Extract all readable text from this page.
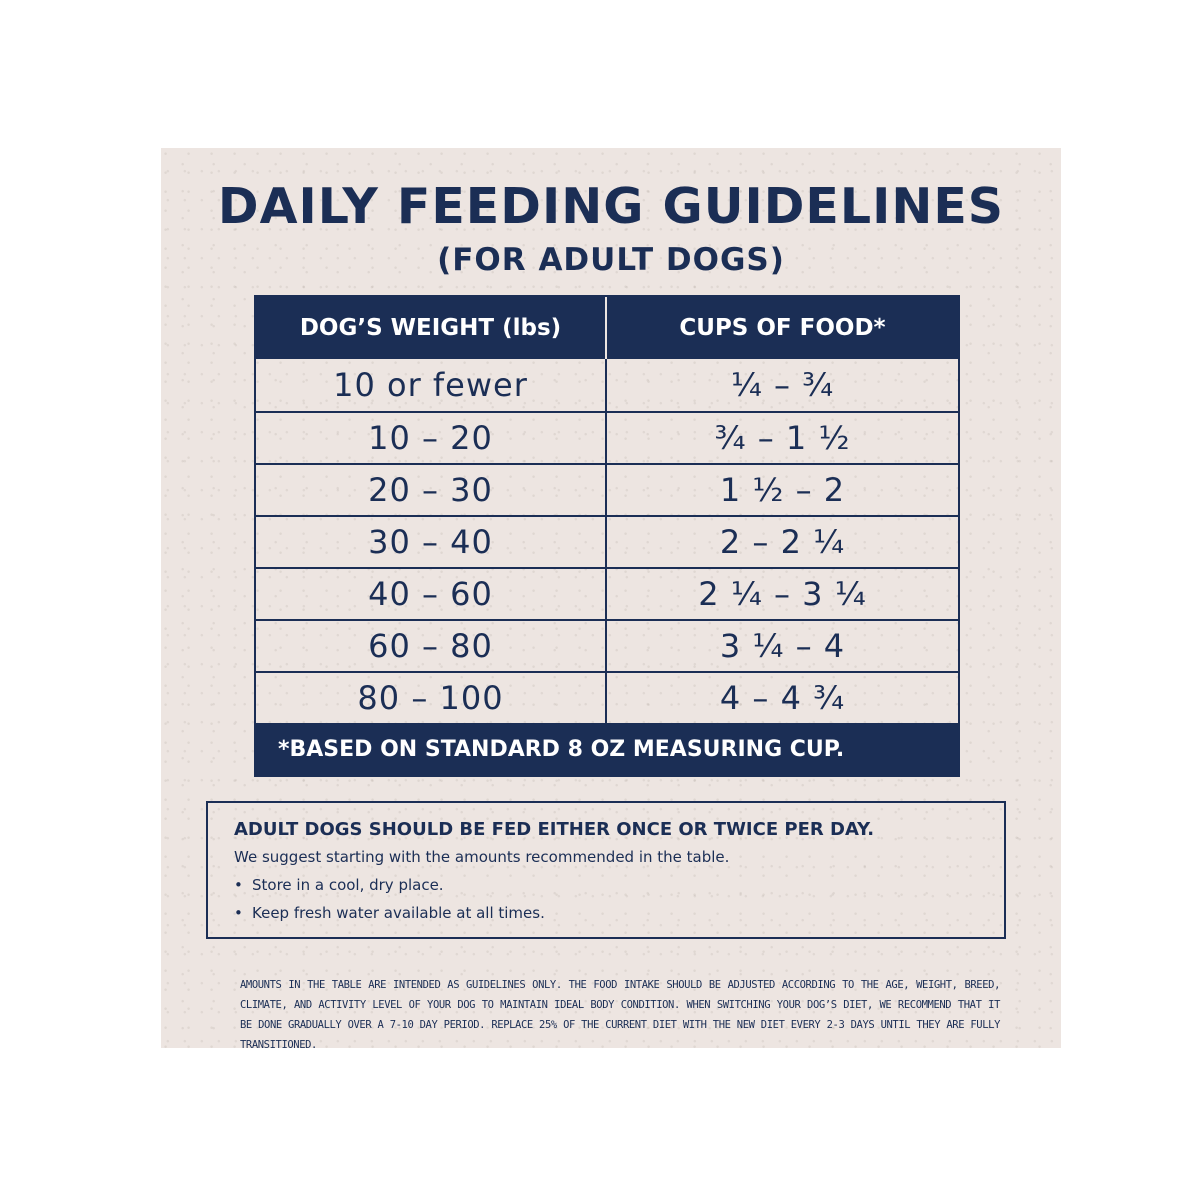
DAILY FEEDING GUIDELINES
(FOR ADULT DOGS)
DOG’S WEIGHT (lbs)	CUPS OF FOOD*
10 or fewer	¼ – ¾
10 – 20	¾ – 1 ½
20 – 30	1 ½ – 2
30 – 40	2 – 2 ¼
40 – 60	2 ¼ – 3 ¼
60 – 80	3 ¼ – 4
80 – 100	4 – 4 ¾
*BASED ON STANDARD 8 OZ MEASURING CUP.
ADULT DOGS SHOULD BE FED EITHER ONCE OR TWICE PER DAY.
We suggest starting with the amounts recommended in the table.
• Store in a cool, dry place.
• Keep fresh water available at all times.

AMOUNTS IN THE TABLE ARE INTENDED AS GUIDELINES ONLY. THE FOOD INTAKE SHOULD BE ADJUSTED ACCORDING TO THE AGE, WEIGHT, BREED, CLIMATE, AND ACTIVITY LEVEL OF YOUR DOG TO MAINTAIN IDEAL BODY CONDITION. WHEN SWITCHING YOUR DOG’S DIET, WE RECOMMEND THAT IT BE DONE GRADUALLY OVER A 7-10 DAY PERIOD. REPLACE 25% OF THE CURRENT DIET WITH THE NEW DIET EVERY 2-3 DAYS UNTIL THEY ARE FULLY TRANSITIONED.
